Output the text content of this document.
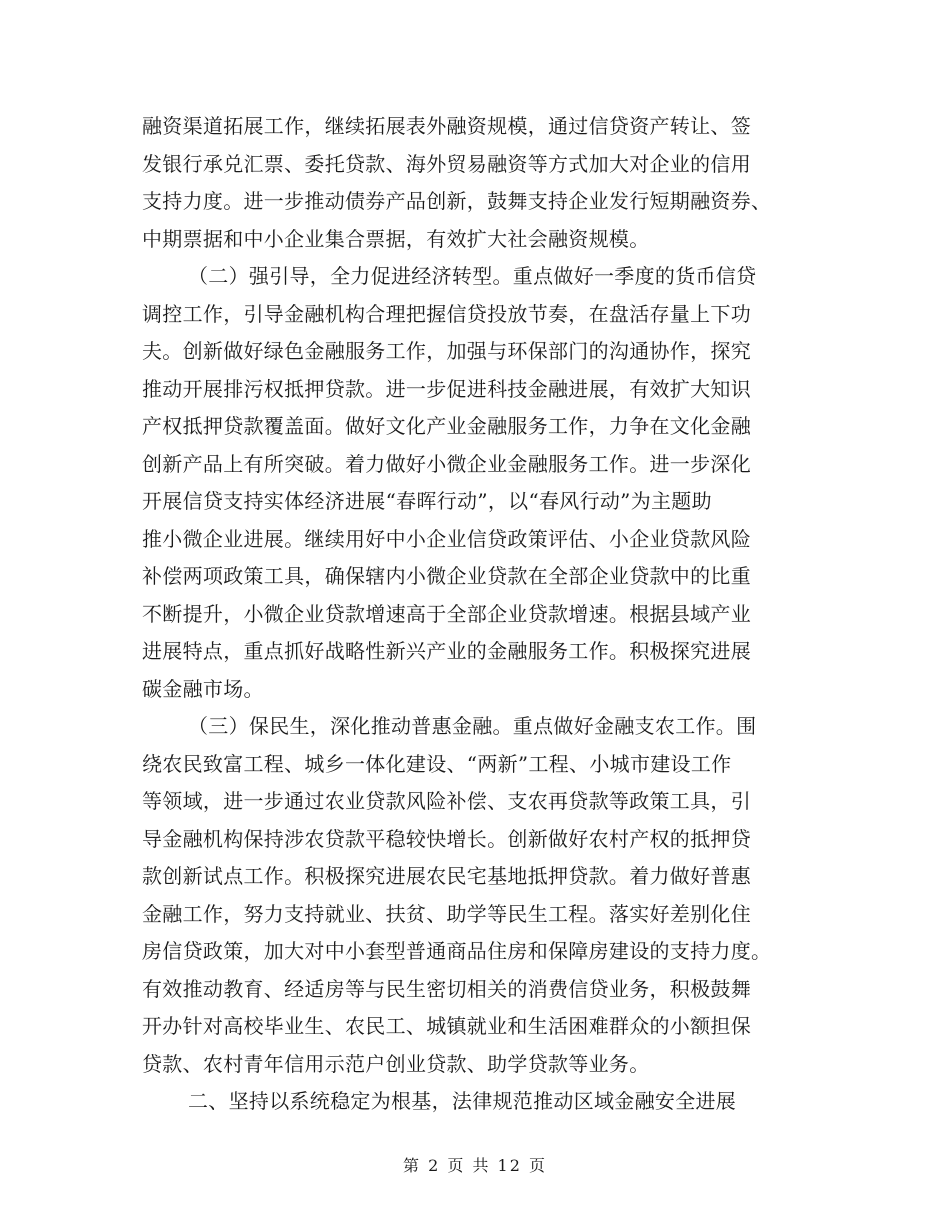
融资渠道拓展工作，继续拓展表外融资规模，通过信贷资产转让、签
发银行承兑汇票、委托贷款、海外贸易融资等方式加大对企业的信用
支持力度。进一步推动债券产品创新，鼓舞支持企业发行短期融资券、
中期票据和中小企业集合票据，有效扩大社会融资规模。
（二）强引导，全力促进经济转型。重点做好一季度的货币信贷
调控工作，引导金融机构合理把握信贷投放节奏，在盘活存量上下功
夫。创新做好绿色金融服务工作，加强与环保部门的沟通协作，探究
推动开展排污权抵押贷款。进一步促进科技金融进展，有效扩大知识
产权抵押贷款覆盖面。做好文化产业金融服务工作，力争在文化金融
创新产品上有所突破。着力做好小微企业金融服务工作。进一步深化
开展信贷支持实体经济进展“春晖行动”，以“春风行动”为主题助
推小微企业进展。继续用好中小企业信贷政策评估、小企业贷款风险
补偿两项政策工具，确保辖内小微企业贷款在全部企业贷款中的比重
不断提升，小微企业贷款增速高于全部企业贷款增速。根据县域产业
进展特点，重点抓好战略性新兴产业的金融服务工作。积极探究进展
碳金融市场。
（三）保民生，深化推动普惠金融。重点做好金融支农工作。围
绕农民致富工程、城乡一体化建设、“两新”工程、小城市建设工作
等领域，进一步通过农业贷款风险补偿、支农再贷款等政策工具，引
导金融机构保持涉农贷款平稳较快增长。创新做好农村产权的抵押贷
款创新试点工作。积极探究进展农民宅基地抵押贷款。着力做好普惠
金融工作，努力支持就业、扶贫、助学等民生工程。落实好差别化住
房信贷政策，加大对中小套型普通商品住房和保障房建设的支持力度。
有效推动教育、经适房等与民生密切相关的消费信贷业务，积极鼓舞
开办针对高校毕业生、农民工、城镇就业和生活困难群众的小额担保
贷款、农村青年信用示范户创业贷款、助学贷款等业务。
二、坚持以系统稳定为根基，法律规范推动区域金融安全进展
第 2 页 共 12 页
